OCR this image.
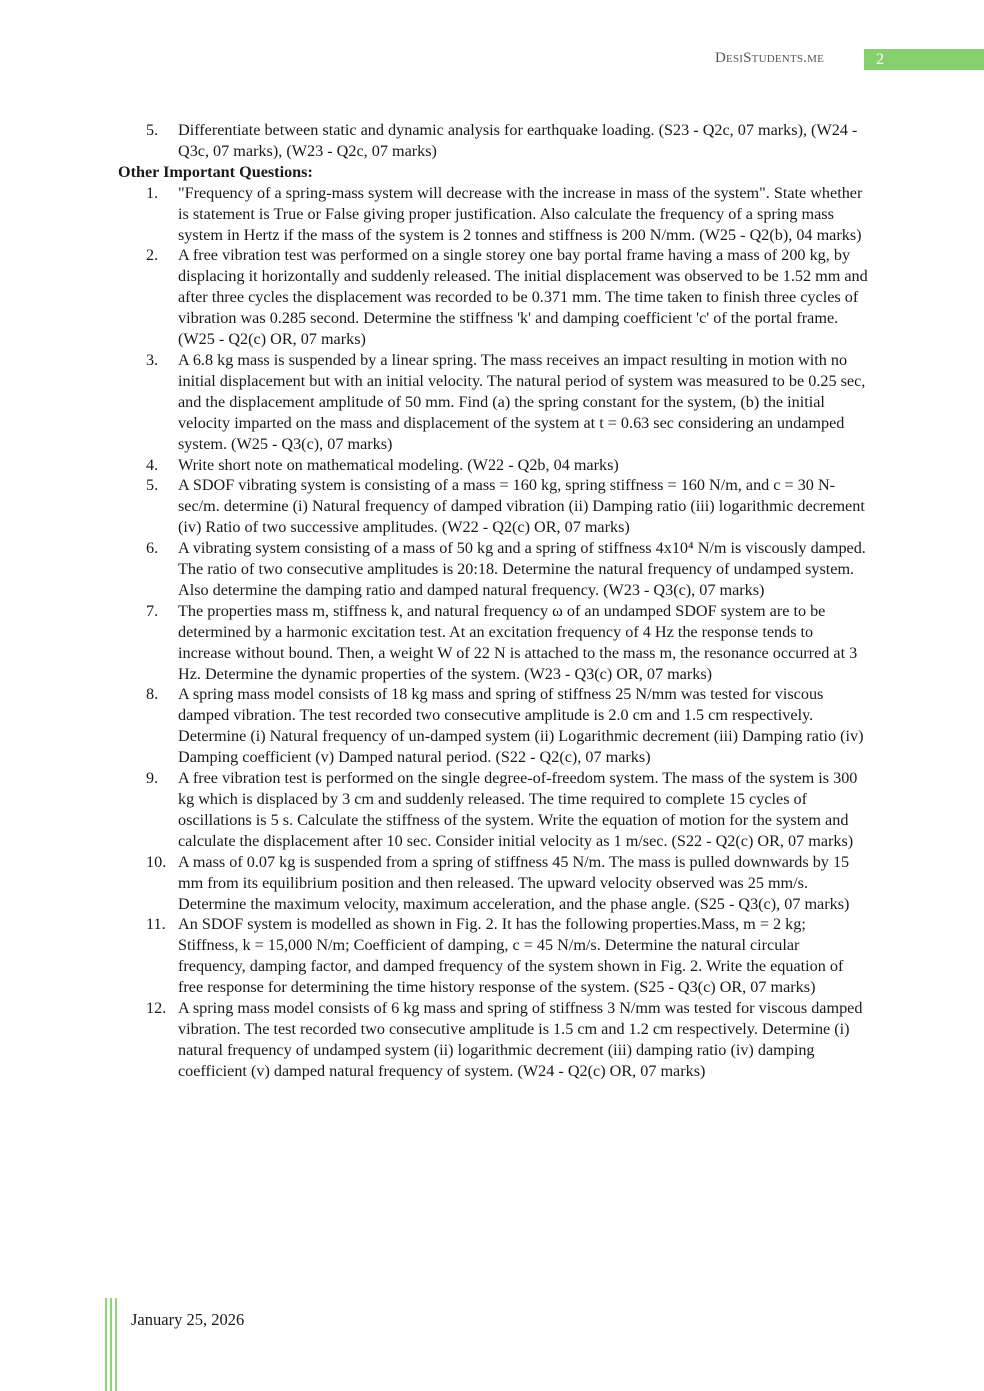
DesiStudents.me	2
5.	Differentiate between static and dynamic analysis for earthquake loading. (S23 - Q2c, 07 marks), (W24 - Q3c, 07 marks), (W23 - Q2c, 07 marks)
Other Important Questions:
1.	"Frequency of a spring-mass system will decrease with the increase in mass of the system". State whether is statement is True or False giving proper justification. Also calculate the frequency of a spring mass system in Hertz if the mass of the system is 2 tonnes and stiffness is 200 N/mm. (W25 - Q2(b), 04 marks)
2.	A free vibration test was performed on a single storey one bay portal frame having a mass of 200 kg, by displacing it horizontally and suddenly released. The initial displacement was observed to be 1.52 mm and after three cycles the displacement was recorded to be 0.371 mm. The time taken to finish three cycles of vibration was 0.285 second. Determine the stiffness 'k' and damping coefficient 'c' of the portal frame. (W25 - Q2(c) OR, 07 marks)
3.	A 6.8 kg mass is suspended by a linear spring. The mass receives an impact resulting in motion with no initial displacement but with an initial velocity. The natural period of system was measured to be 0.25 sec, and the displacement amplitude of 50 mm. Find (a) the spring constant for the system, (b) the initial velocity imparted on the mass and displacement of the system at t = 0.63 sec considering an undamped system. (W25 - Q3(c), 07 marks)
4.	Write short note on mathematical modeling. (W22 - Q2b, 04 marks)
5.	A SDOF vibrating system is consisting of a mass = 160 kg, spring stiffness = 160 N/m, and c = 30 N-sec/m. determine (i) Natural frequency of damped vibration (ii) Damping ratio (iii) logarithmic decrement (iv) Ratio of two successive amplitudes. (W22 - Q2(c) OR, 07 marks)
6.	A vibrating system consisting of a mass of 50 kg and a spring of stiffness 4x10⁴ N/m is viscously damped. The ratio of two consecutive amplitudes is 20:18. Determine the natural frequency of undamped system. Also determine the damping ratio and damped natural frequency. (W23 - Q3(c), 07 marks)
7.	The properties mass m, stiffness k, and natural frequency ω of an undamped SDOF system are to be determined by a harmonic excitation test. At an excitation frequency of 4 Hz the response tends to increase without bound. Then, a weight W of 22 N is attached to the mass m, the resonance occurred at 3 Hz. Determine the dynamic properties of the system. (W23 - Q3(c) OR, 07 marks)
8.	A spring mass model consists of 18 kg mass and spring of stiffness 25 N/mm was tested for viscous damped vibration. The test recorded two consecutive amplitude is 2.0 cm and 1.5 cm respectively. Determine (i) Natural frequency of un-damped system (ii) Logarithmic decrement (iii) Damping ratio (iv) Damping coefficient (v) Damped natural period. (S22 - Q2(c), 07 marks)
9.	A free vibration test is performed on the single degree-of-freedom system. The mass of the system is 300 kg which is displaced by 3 cm and suddenly released. The time required to complete 15 cycles of oscillations is 5 s. Calculate the stiffness of the system. Write the equation of motion for the system and calculate the displacement after 10 sec. Consider initial velocity as 1 m/sec. (S22 - Q2(c) OR, 07 marks)
10. A mass of 0.07 kg is suspended from a spring of stiffness 45 N/m. The mass is pulled downwards by 15 mm from its equilibrium position and then released. The upward velocity observed was 25 mm/s. Determine the maximum velocity, maximum acceleration, and the phase angle. (S25 - Q3(c), 07 marks)
11. An SDOF system is modelled as shown in Fig. 2. It has the following properties.Mass, m = 2 kg; Stiffness, k = 15,000 N/m; Coefficient of damping, c = 45 N/m/s. Determine the natural circular frequency, damping factor, and damped frequency of the system shown in Fig. 2. Write the equation of free response for determining the time history response of the system. (S25 - Q3(c) OR, 07 marks)
12. A spring mass model consists of 6 kg mass and spring of stiffness 3 N/mm was tested for viscous damped vibration. The test recorded two consecutive amplitude is 1.5 cm and 1.2 cm respectively. Determine (i) natural frequency of undamped system (ii) logarithmic decrement (iii) damping ratio (iv) damping coefficient (v) damped natural frequency of system. (W24 - Q2(c) OR, 07 marks)
January 25, 2026
